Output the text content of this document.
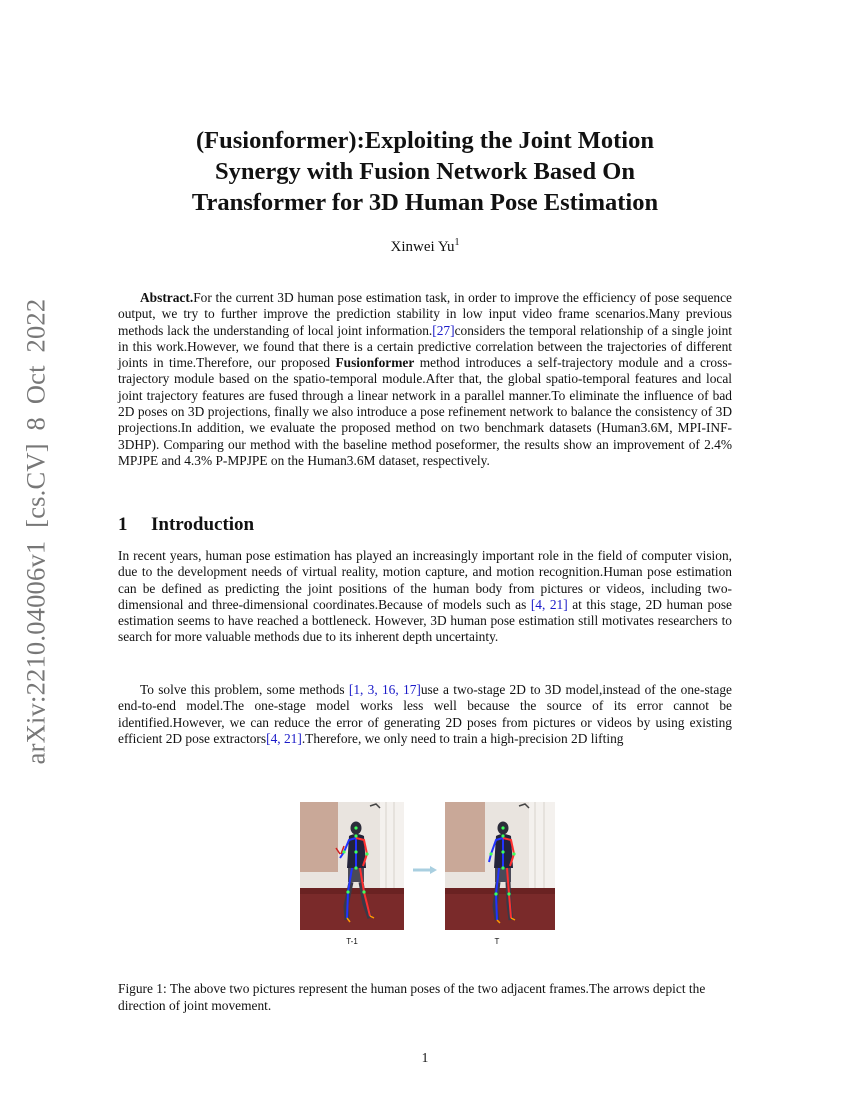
arXiv:2210.04006v1 [cs.CV] 8 Oct 2022
(Fusionformer):Exploiting the Joint Motion
Synergy with Fusion Network Based On
Transformer for 3D Human Pose Estimation
Xinwei Yu$^1$

Abstract.For the current 3D human pose estimation task, in order to improve the efficiency of pose sequence output, we try to further improve the prediction stability in low input video frame scenarios.Many previous methods lack the understanding of local joint information.[27]considers the temporal relationship of a single joint in this work.However, we found that there is a certain predictive correlation between the trajectories of different joints in time.Therefore, our proposed Fusionformer method introduces a self-trajectory module and a cross-trajectory module based on the spatio-temporal module.After that, the global spatio-temporal features and local joint trajectory features are fused through a linear network in a parallel manner.To eliminate the influence of bad 2D poses on 3D projections, finally we also introduce a pose refinement network to balance the consistency of 3D projections.In addition, we evaluate the proposed method on two benchmark datasets (Human3.6M, MPI-INF-3DHP). Comparing our method with the baseline method poseformer, the results show an improvement of 2.4% MPJPE and 4.3% P-MPJPE on the Human3.6M dataset, respectively.

1 Introduction

In recent years, human pose estimation has played an increasingly important role in the field of computer vision, due to the development needs of virtual reality, motion capture, and motion recognition.Human pose estimation can be defined as predicting the joint positions of the human body from pictures or videos, including two-dimensional and three-dimensional coordinates.Because of models such as [4, 21] at this stage, 2D human pose estimation seems to have reached a bottleneck. However, 3D human pose estimation still motivates researchers to search for more valuable methods due to its inherent depth uncertainty.

To solve this problem, some methods [1, 3, 16, 17]use a two-stage 2D to 3D model,instead of the one-stage end-to-end model.The one-stage model works less well because the source of its error cannot be identified.However, we can reduce the error of generating 2D poses from pictures or videos by using existing efficient 2D pose extractors[4, 21].Therefore, we only need to train a high-precision 2D lifting

T-1	T

Figure 1: The above two pictures represent the human poses of the two adjacent frames.The arrows depict the direction of joint movement.

1
